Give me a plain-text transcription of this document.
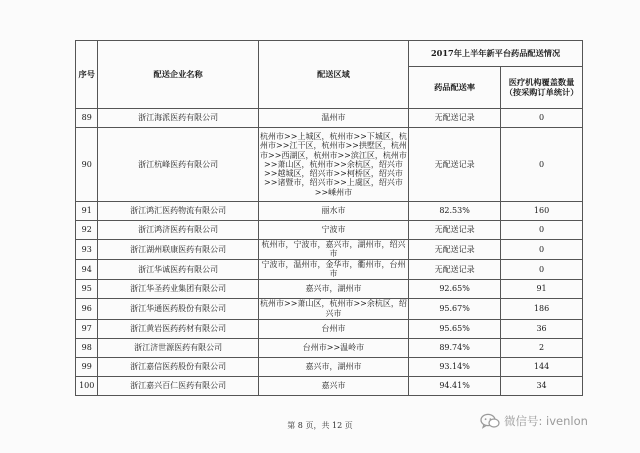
序号	配送企业名称	配送区域	2017年上半年新平台药品配送情况	
			药品配送率	医疗机构覆盖数量（按采购订单统计）
89	浙江海派医药有限公司	温州市	无配送记录	0
90	浙江杭峰医药有限公司	杭州市>>上城区，杭州市>>下城区，杭州市>>江干区，杭州市>>拱墅区，杭州市>>西湖区，杭州市>>滨江区，杭州市>>萧山区，杭州市>>余杭区，绍兴市>>越城区，绍兴市>>柯桥区，绍兴市>>诸暨市，绍兴市>>上虞区，绍兴市>>嵊州市	无配送记录	0
91	浙江鸿汇医药物流有限公司	丽水市	82.53%	160
92	浙江鸿济医药有限公司	宁波市	无配送记录	0
93	浙江湖州联康医药有限公司	杭州市，宁波市，嘉兴市，湖州市，绍兴市	无配送记录	0
94	浙江华诚医药有限公司	宁波市，温州市，金华市，衢州市，台州市	无配送记录	0
95	浙江华圣药业集团有限公司	嘉兴市，湖州市	92.65%	91
96	浙江华通医药股份有限公司	杭州市>>萧山区，杭州市>>余杭区，绍兴市	95.67%	186
97	浙江黄岩医药药材有限公司	台州市	95.65%	36
98	浙江济世源医药有限公司	台州市>>温岭市	89.74%	2
99	浙江嘉信医药股份有限公司	嘉兴市，湖州市	93.14%	144
100	浙江嘉兴百仁医药有限公司	嘉兴市	94.41%	34
第 8 页，共 12 页	微信号: ivenlon
